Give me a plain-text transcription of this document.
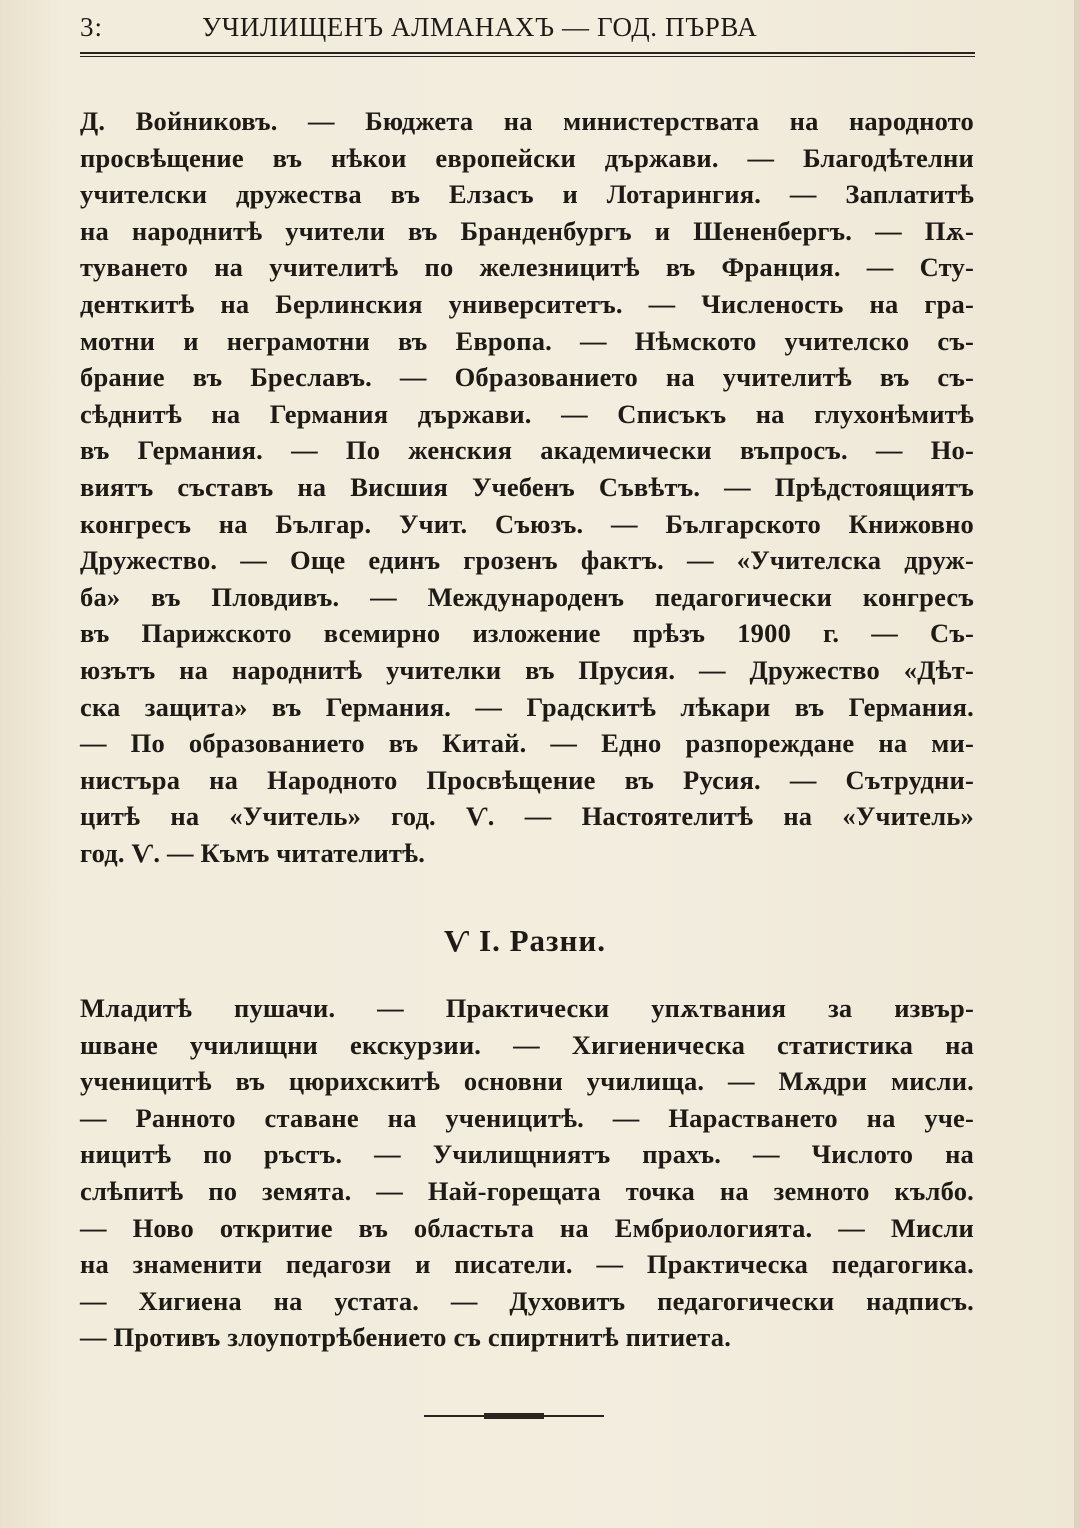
3:	УЧИЛИЩЕНЪ АЛМАНАХЪ — ГОД. ПЪРВА
Д. Войниковъ. — Бюджета на министерствата на народното
просвѣщение въ нѣкои европейски държави. — Благодѣтелни
учителски дружества въ Елзасъ и Лотарингия. — Заплатитѣ
на народнитѣ учители въ Бранденбургъ и Шененбергъ. — Пѫ-
туването на учителитѣ по железницитѣ въ Франция. — Сту-
денткитѣ на Берлинския университетъ. — Численость на гра-
мотни и неграмотни въ Европа. — Нѣмското учителско съ-
брание въ Бреславъ. — Образованието на учителитѣ въ съ-
сѣднитѣ на Германия държави. — Списъкъ на глухонѣмитѣ
въ Германия. — По женския академически въпросъ. — Но-
виятъ съставъ на Висшия Учебенъ Съвѣтъ. — Прѣдстоящиятъ
конгресъ на Българ. Учит. Съюзъ. — Българското Книжовно
Дружество. — Още единъ грозенъ фактъ. — «Учителска друж-
ба» въ Пловдивъ. — Международенъ педагогически конгресъ
въ Парижското всемирно изложение прѣзъ 1900 г. — Съ-
юзътъ на народнитѣ учителки въ Прусия. — Дружество «Дѣт-
ска защита» въ Германия. — Градскитѣ лѣкари въ Германия.
— По образованието въ Китай. — Едно разпореждане на ми-
нистъра на Народното Просвѣщение въ Русия. — Сътрудни-
цитѣ на «Учитель» год. Ѵ. — Настоятелитѣ на «Учитель»
год. Ѵ. — Къмъ читателитѣ.
Ѵ I. Разни.
Младитѣ пушачи. — Практически упѫтвания за извър-
шване училищни екскурзии. — Хигиеническа статистика на
ученицитѣ въ цюрихскитѣ основни училища. — Мѫдри мисли.
— Ранното ставане на ученицитѣ. — Нарастването на уче-
ницитѣ по ръстъ. — Училищниятъ прахъ. — Числото на
слѣпитѣ по земята. — Най-горещата точка на земното кълбо.
— Ново откритие въ областьта на Ембриологията. — Мисли
на знаменити педагози и писатели. — Практическа педагогика.
— Хигиена на устата. — Духовитъ педагогически надписъ.
— Противъ злоупотрѣбението съ спиртнитѣ питиета.
